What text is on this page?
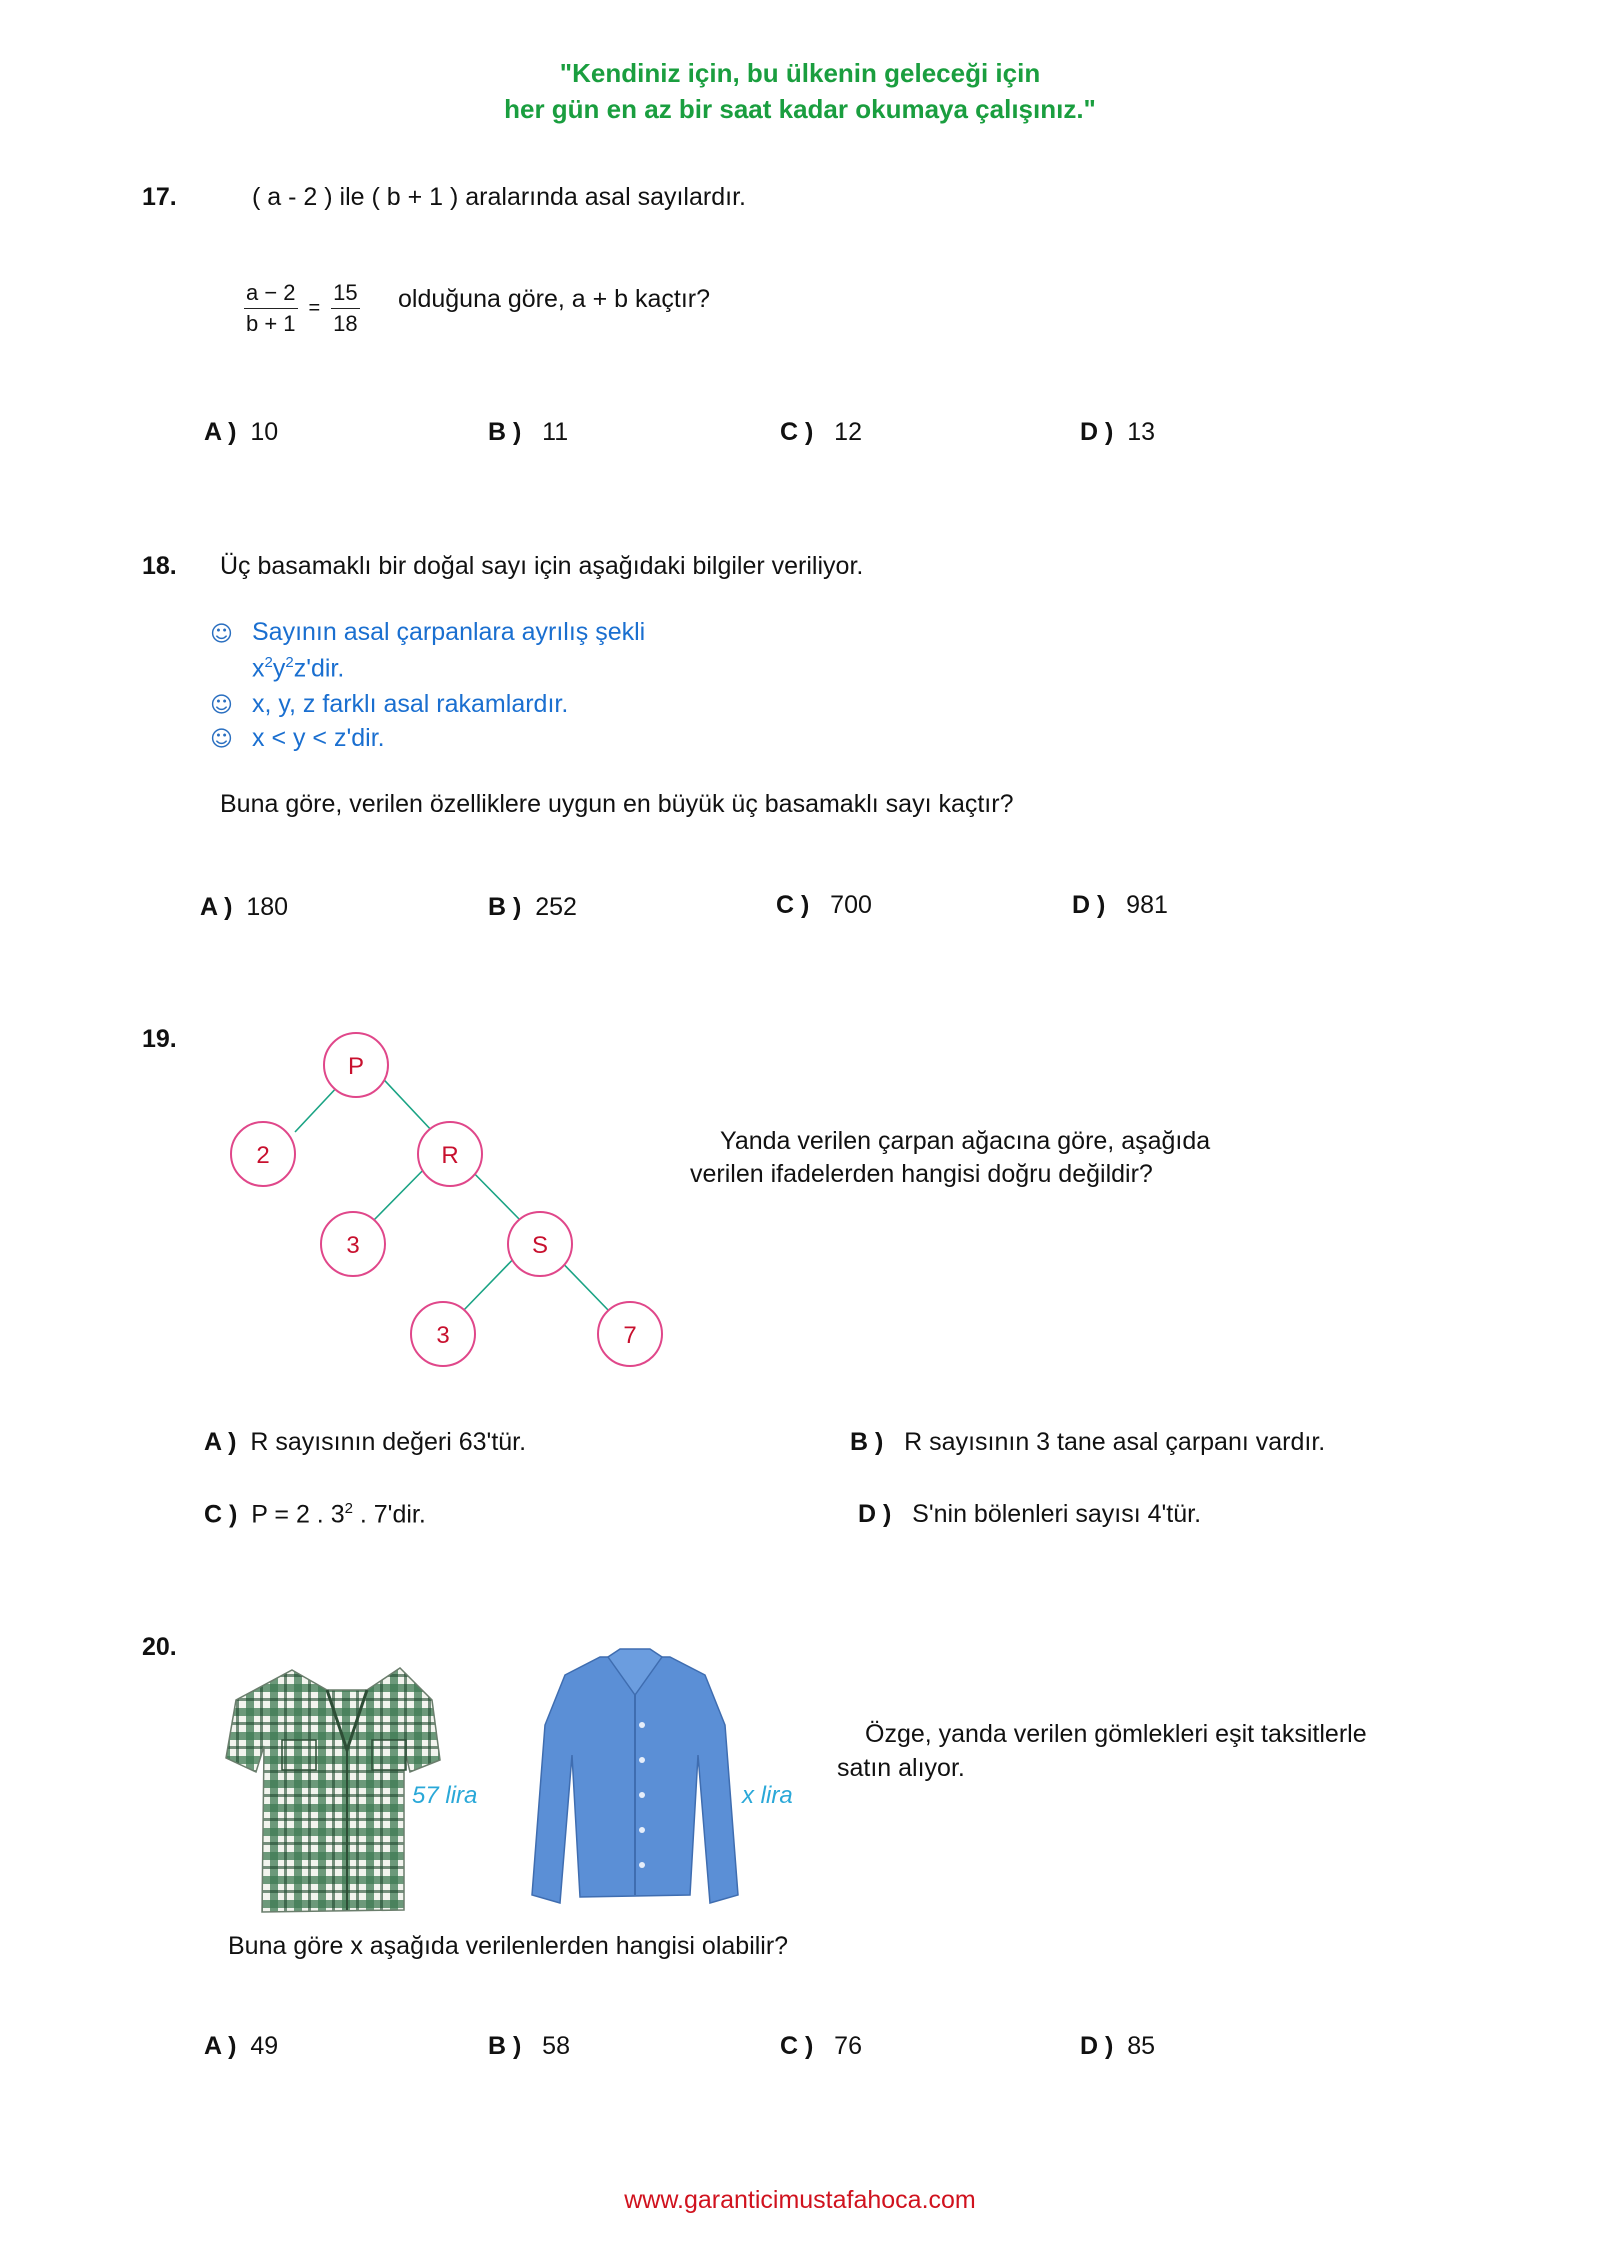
"Kendiniz için, bu ülkenin geleceği için
her gün en az bir saat kadar okumaya çalışınız."
17.	( a - 2 ) ile ( b + 1 ) aralarında asal sayılardır.
$\frac{a - 2}{b + 1} = \frac{15}{18}$ olduğuna göre, a + b kaçtır?
A ) 10	B ) 11	C ) 12	D ) 13
18. Üç basamaklı bir doğal sayı için aşağıdaki bilgiler veriliyor.
☺ Sayının asal çarpanlara ayrılış şekli
$x^2y^2z'dir$.
☺ x, y, z farklı asal rakamlardır.
☺ x < y < z'dir.
Buna göre, verilen özelliklere uygun en büyük üç basamaklı sayı kaçtır?
A ) 180	B ) 252	C ) 700	D ) 981
19.
P
2	R
3	S
3	7
Yanda verilen çarpan ağacına göre, aşağıda
verilen ifadelerden hangisi doğru değildir?
A ) R sayısının değeri 63'tür.	B ) R sayısının 3 tane asal çarpanı vardır.
C ) P = 2 . $3^2$ . 7'dir.	D ) S'nin bölenleri sayısı 4'tür.
20.
57 lira	x lira
Özge, yanda verilen gömlekleri eşit taksitlerle
satın alıyor.
Buna göre x aşağıda verilenlerden hangisi olabilir?
A ) 49	B ) 58	C ) 76	D ) 85
www.garanticimustafahoca.com
